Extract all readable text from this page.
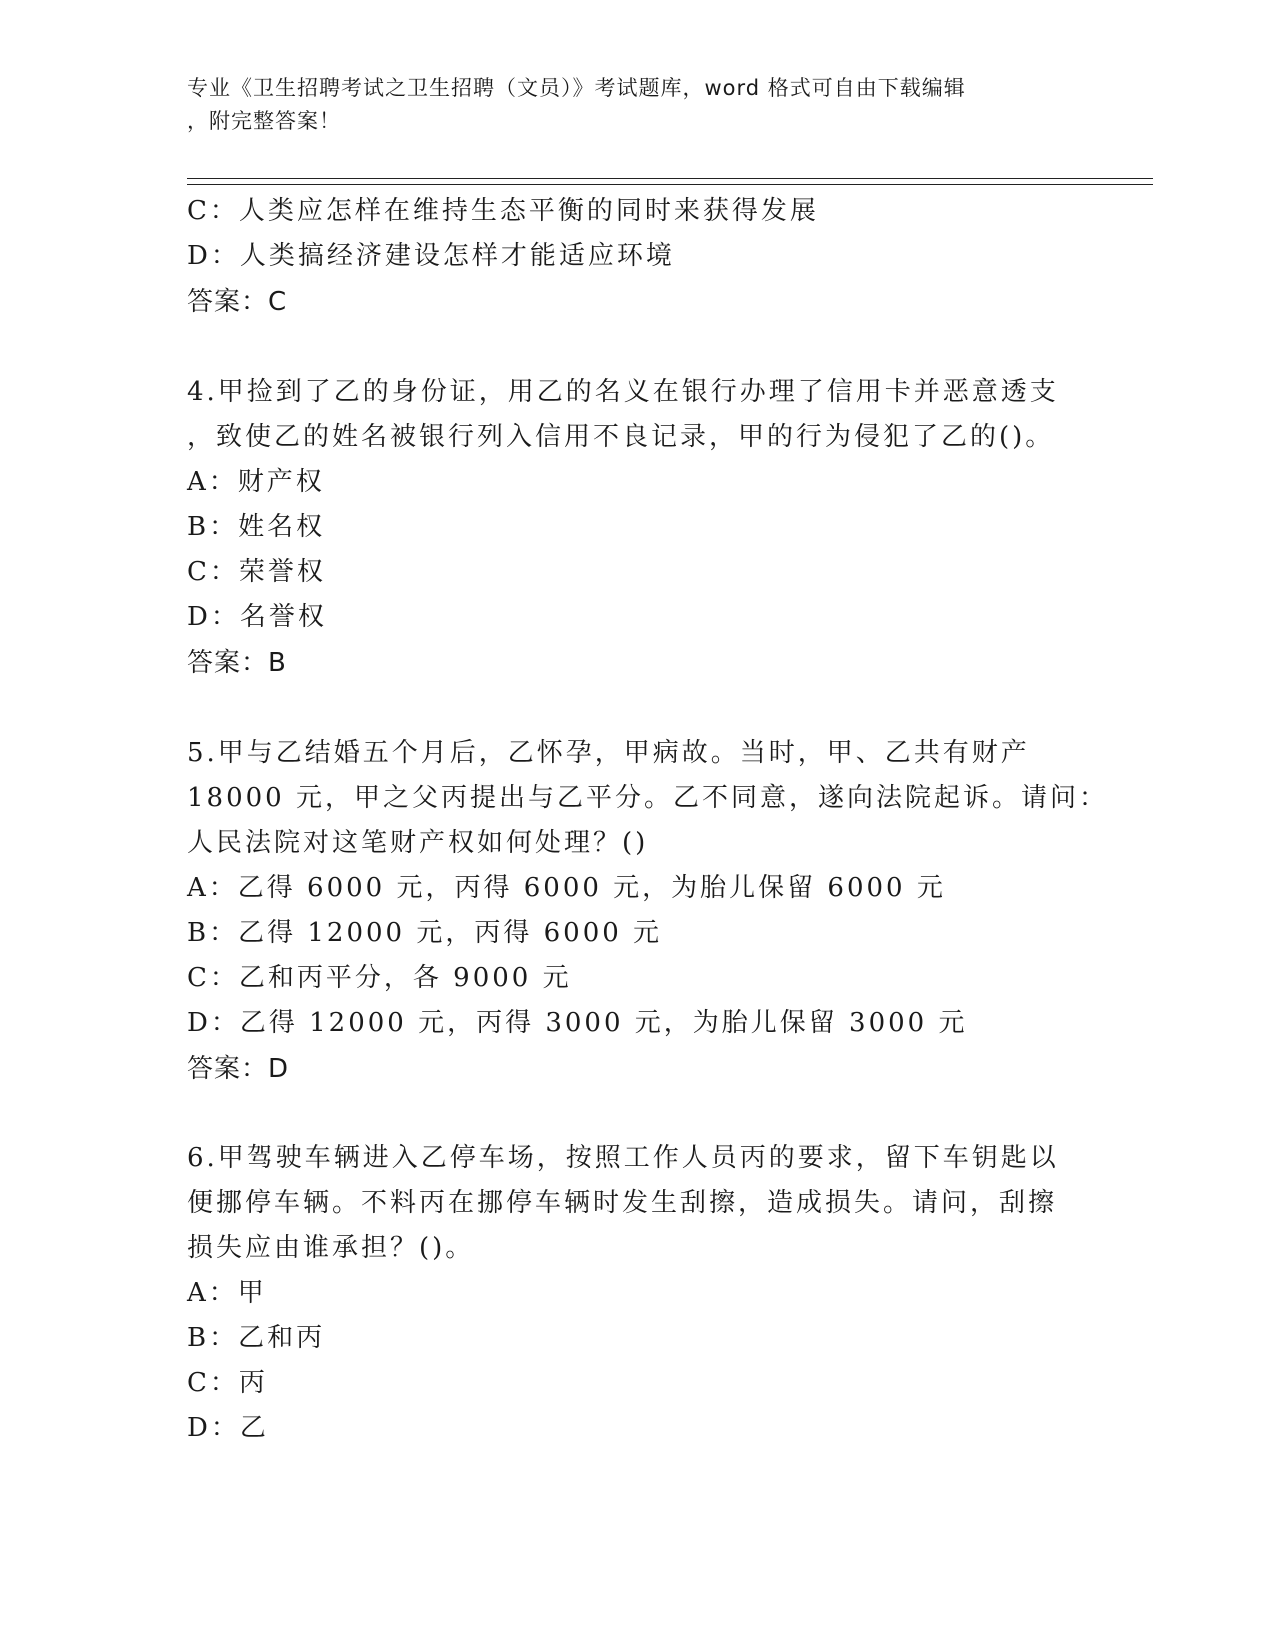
专业《卫生招聘考试之卫生招聘（文员）》考试题库，word 格式可自由下载编辑
，附完整答案！
C：人类应怎样在维持生态平衡的同时来获得发展
D：人类搞经济建设怎样才能适应环境
答案：C
4.甲捡到了乙的身份证，用乙的名义在银行办理了信用卡并恶意透支
，致使乙的姓名被银行列入信用不良记录，甲的行为侵犯了乙的()。
A：财产权
B：姓名权
C：荣誉权
D：名誉权
答案：B
5.甲与乙结婚五个月后，乙怀孕，甲病故。当时，甲、乙共有财产
18000 元，甲之父丙提出与乙平分。乙不同意，遂向法院起诉。请问：
人民法院对这笔财产权如何处理？()
A：乙得 6000 元，丙得 6000 元，为胎儿保留 6000 元
B：乙得 12000 元，丙得 6000 元
C：乙和丙平分，各 9000 元
D：乙得 12000 元，丙得 3000 元，为胎儿保留 3000 元
答案：D
6.甲驾驶车辆进入乙停车场，按照工作人员丙的要求，留下车钥匙以
便挪停车辆。不料丙在挪停车辆时发生刮擦，造成损失。请问，刮擦
损失应由谁承担？()。
A：甲
B：乙和丙
C：丙
D：乙
